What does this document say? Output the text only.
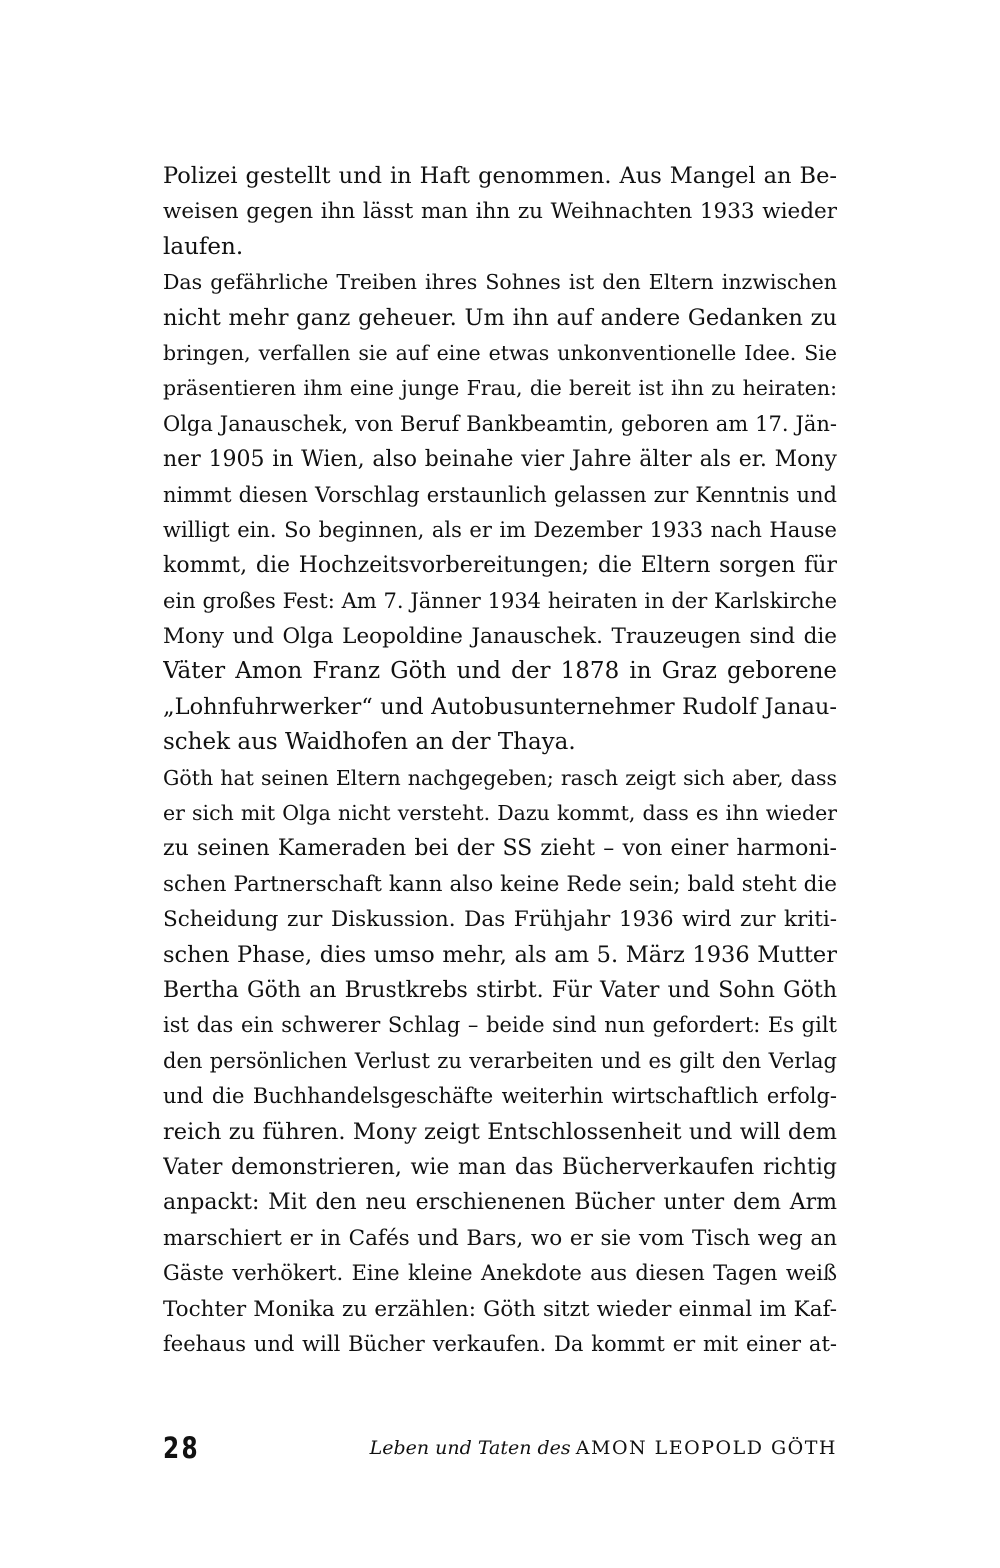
Polizei gestellt und in Haft genommen. Aus Mangel an Be-
weisen gegen ihn lässt man ihn zu Weihnachten 1933 wieder
laufen.
Das gefährliche Treiben ihres Sohnes ist den Eltern inzwischen
nicht mehr ganz geheuer. Um ihn auf andere Gedanken zu
bringen, verfallen sie auf eine etwas unkonventionelle Idee. Sie
präsentieren ihm eine junge Frau, die bereit ist ihn zu heiraten:
Olga Janauschek, von Beruf Bankbeamtin, geboren am 17. Jän-
ner 1905 in Wien, also beinahe vier Jahre älter als er. Mony
nimmt diesen Vorschlag erstaunlich gelassen zur Kenntnis und
willigt ein. So beginnen, als er im Dezember 1933 nach Hause
kommt, die Hochzeitsvorbereitungen; die Eltern sorgen für
ein großes Fest: Am 7. Jänner 1934 heiraten in der Karlskirche
Mony und Olga Leopoldine Janauschek. Trauzeugen sind die
Väter Amon Franz Göth und der 1878 in Graz geborene
„Lohnfuhrwerker“ und Autobusunternehmer Rudolf Janau-
schek aus Waidhofen an der Thaya.
Göth hat seinen Eltern nachgegeben; rasch zeigt sich aber, dass
er sich mit Olga nicht versteht. Dazu kommt, dass es ihn wieder
zu seinen Kameraden bei der SS zieht – von einer harmoni-
schen Partnerschaft kann also keine Rede sein; bald steht die
Scheidung zur Diskussion. Das Frühjahr 1936 wird zur kriti-
schen Phase, dies umso mehr, als am 5. März 1936 Mutter
Bertha Göth an Brustkrebs stirbt. Für Vater und Sohn Göth
ist das ein schwerer Schlag – beide sind nun gefordert: Es gilt
den persönlichen Verlust zu verarbeiten und es gilt den Verlag
und die Buchhandelsgeschäfte weiterhin wirtschaftlich erfolg-
reich zu führen. Mony zeigt Entschlossenheit und will dem
Vater demonstrieren, wie man das Bücherverkaufen richtig
anpackt: Mit den neu erschienenen Bücher unter dem Arm
marschiert er in Cafés und Bars, wo er sie vom Tisch weg an
Gäste verhökert. Eine kleine Anekdote aus diesen Tagen weiß
Tochter Monika zu erzählen: Göth sitzt wieder einmal im Kaf-
feehaus und will Bücher verkaufen. Da kommt er mit einer at-
28	Leben und Taten des AMON LEOPOLD GÖTH
